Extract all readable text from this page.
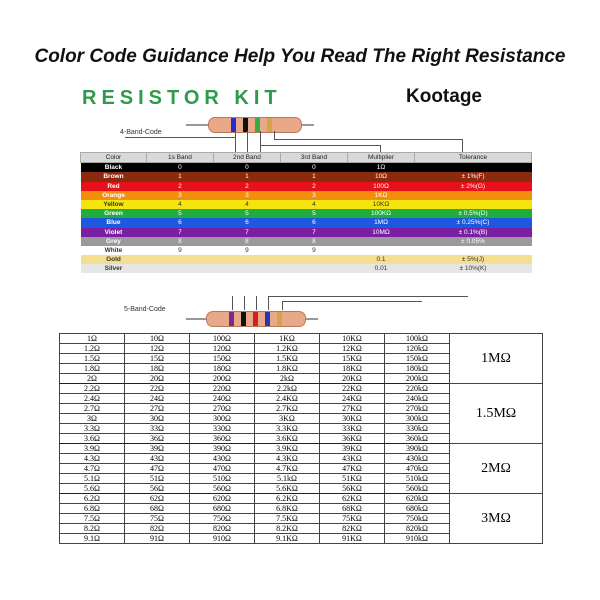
Color Code Guidance Help You Read The Right Resistance
RESISTOR KIT	Kootage
4-Band-Code
Color	1s Band	2nd Band	3rd Band	Multiplier	Tolerance
Black	0	0	0	1Ω	
Brown	1	1	1	10Ω	± 1%(F)
Red	2	2	2	100Ω	± 2%(G)
Orange	3	3	3	1KΩ	
Yellow	4	4	4	10KΩ	
Green	5	5	5	100KΩ	± 0.5%(D)
Blue	6	6	6	1MΩ	± 0.25%(C)
Violet	7	7	7	10MΩ	± 0.1%(B)
Grey	8	8	8		± 0.05%
White	9	9	9		
Gold				0.1	± 5%(J)
Silver				0.01	± 10%(K)
5-Band-Code
1Ω	10Ω	100Ω	1KΩ	10KΩ	100kΩ	1MΩ
1.2Ω	12Ω	120Ω	1.2KΩ	12KΩ	120kΩ	
1.5Ω	15Ω	150Ω	1.5KΩ	15KΩ	150kΩ	
1.8Ω	18Ω	180Ω	1.8KΩ	18KΩ	180kΩ	
2Ω	20Ω	200Ω	2kΩ	20KΩ	200kΩ	
2.2Ω	22Ω	220Ω	2.2kΩ	22KΩ	220kΩ	1.5MΩ
2.4Ω	24Ω	240Ω	2.4KΩ	24KΩ	240kΩ	
2.7Ω	27Ω	270Ω	2.7KΩ	27KΩ	270kΩ	
3Ω	30Ω	300Ω	3KΩ	30KΩ	300kΩ	
3.3Ω	33Ω	330Ω	3.3KΩ	33KΩ	330kΩ	
3.6Ω	36Ω	360Ω	3.6KΩ	36KΩ	360kΩ	
3.9Ω	39Ω	390Ω	3.9KΩ	39KΩ	390kΩ	2MΩ
4.3Ω	43Ω	430Ω	4.3KΩ	43KΩ	430kΩ	
4.7Ω	47Ω	470Ω	4.7KΩ	47KΩ	470kΩ	
5.1Ω	51Ω	510Ω	5.1kΩ	51KΩ	510kΩ	
5.6Ω	56Ω	560Ω	5.6KΩ	56KΩ	560kΩ	
6.2Ω	62Ω	620Ω	6.2KΩ	62KΩ	620kΩ	3MΩ
6.8Ω	68Ω	680Ω	6.8KΩ	68KΩ	680kΩ	
7.5Ω	75Ω	750Ω	7.5KΩ	75KΩ	750kΩ	
8.2Ω	82Ω	820Ω	8.2KΩ	82KΩ	820kΩ	
9.1Ω	91Ω	910Ω	9.1KΩ	91KΩ	910kΩ	
